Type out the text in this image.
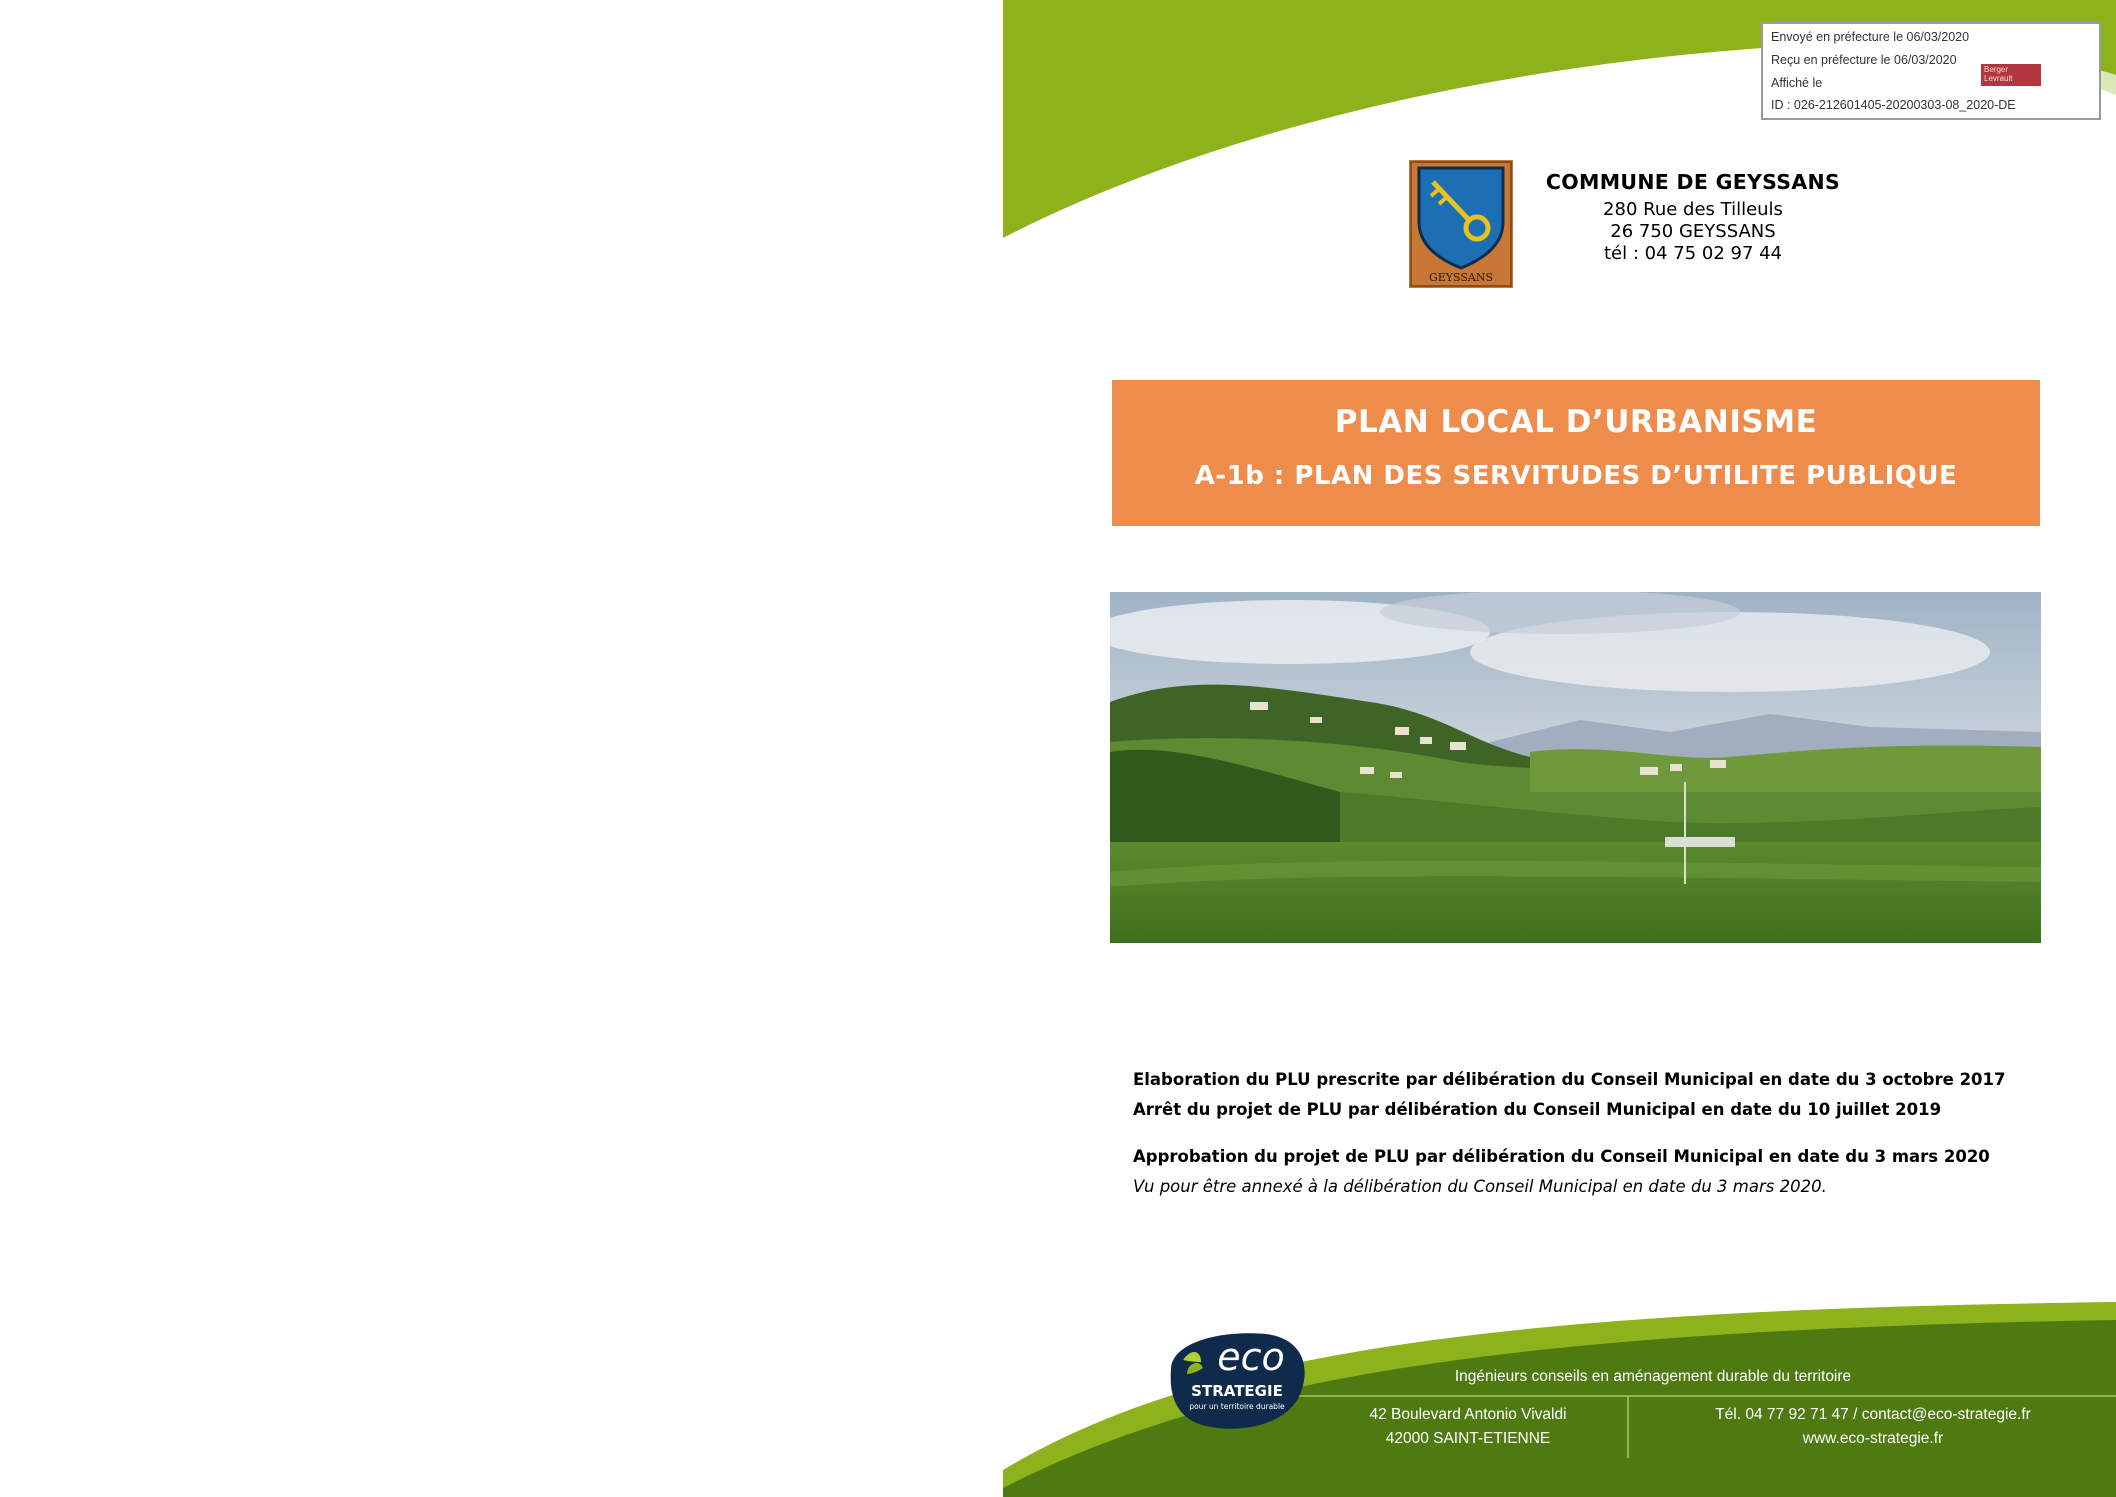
Envoyé en préfecture le 06/03/2020
Reçu en préfecture le 06/03/2020
Affiché le
ID : 026-212601405-20200303-08_2020-DE
Berger
Levrault
GEYSSANS
COMMUNE DE GEYSSANS
280 Rue des Tilleuls
26 750 GEYSSANS
tél : 04 75 02 97 44
PLAN LOCAL D’URBANISME
A-1b : PLAN DES SERVITUDES D’UTILITE PUBLIQUE
Elaboration du PLU prescrite par délibération du Conseil Municipal en date du 3 octobre 2017
Arrêt du projet de PLU par délibération du Conseil Municipal en date du 10 juillet 2019
Approbation du projet de PLU par délibération du Conseil Municipal en date du 3 mars 2020
Vu pour être annexé à la délibération du Conseil Municipal en date du 3 mars 2020.
Ingénieurs conseils en aménagement durable du territoire
42 Boulevard Antonio Vivaldi
42000 SAINT-ETIENNE
Tél. 04 77 92 71 47 / contact@eco-strategie.fr
www.eco-strategie.fr
eco
STRATEGIE
pour un territoire durable
